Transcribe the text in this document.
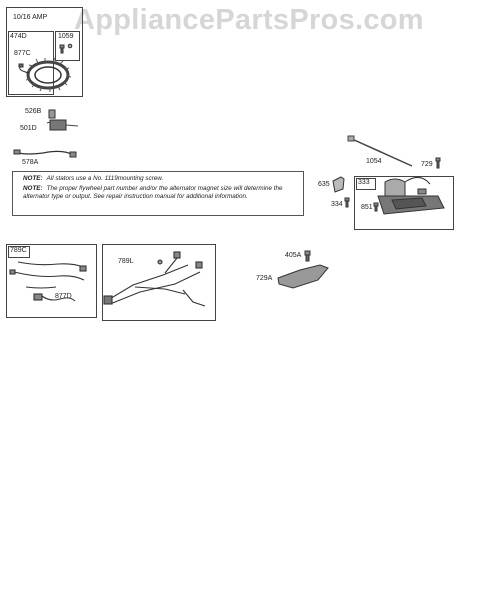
AppliancePartsPros.com
10/16 AMP
474D	1059
877C
526B
501D
578A	1054	729
635	333
334	851
NOTE: All stators use a No. 1119mounting screw.
NOTE: The proper flywheel part number and/or the alternator magnet size will determine the alternator type or output. See repair instruction manual for additional information.
789C
877D
789L
405A
729A
